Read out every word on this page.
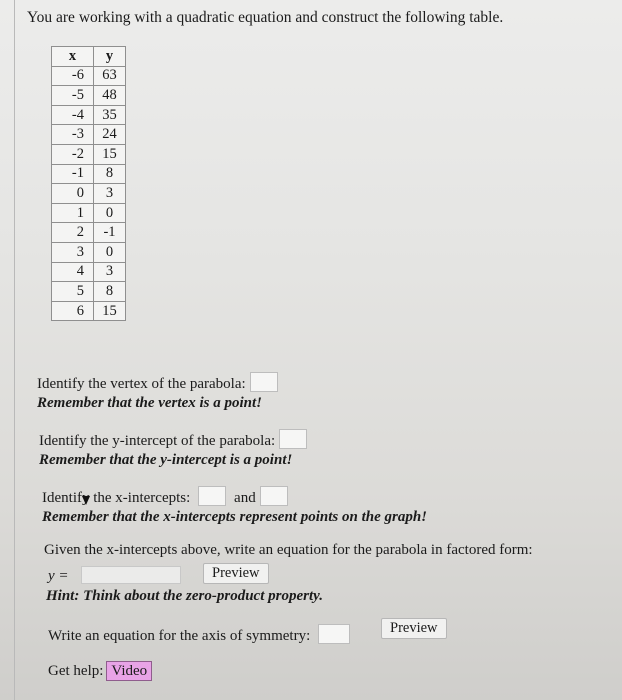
You are working with a quadratic equation and construct the following table.
x	y
-6	63
-5	48
-4	35
-3	24
-2	15
-1	8
0	3
1	0
2	-1
3	0
4	3
5	8
6	15
Identify the vertex of the parabola:
Remember that the vertex is a point!
Identify the y-intercept of the parabola:
Remember that the y-intercept is a point!
Identify the x-intercepts:	and
Remember that the x-intercepts represent points on the graph!
Given the x-intercepts above, write an equation for the parabola in factored form:
y =	Preview
Hint: Think about the zero-product property.
Write an equation for the axis of symmetry:	Preview
Get help: Video
